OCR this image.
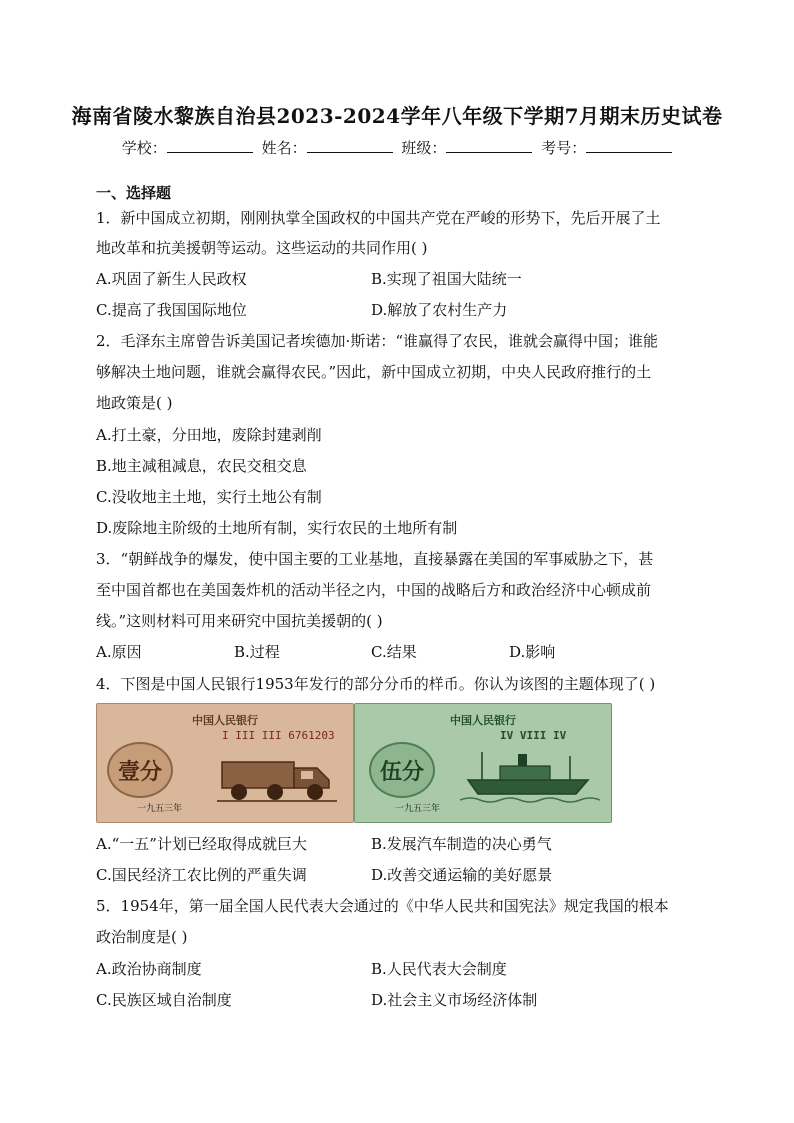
海南省陵水黎族自治县2023-2024学年八年级下学期7月期末历史试卷
学校：	姓名：	班级：	考号：
一、选择题
1．新中国成立初期，刚刚执掌全国政权的中国共产党在严峻的形势下，先后开展了土
地改革和抗美援朝等运动。这些运动的共同作用( )
A.巩固了新生人民政权	B.实现了祖国大陆统一
C.提高了我国国际地位	D.解放了农村生产力
2．毛泽东主席曾告诉美国记者埃德加·斯诺：“谁赢得了农民，谁就会赢得中国；谁能
够解决土地问题，谁就会赢得农民。”因此，新中国成立初期，中央人民政府推行的土
地政策是( )
A.打土豪，分田地，废除封建剥削
B.地主减租减息，农民交租交息
C.没收地主土地，实行土地公有制
D.废除地主阶级的土地所有制，实行农民的土地所有制
3．“朝鲜战争的爆发，使中国主要的工业基地，直接暴露在美国的军事威胁之下，甚
至中国首都也在美国轰炸机的活动半径之内，中国的战略后方和政治经济中心顿成前
线。”这则材料可用来研究中国抗美援朝的( )
A.原因	B.过程	C.结果	D.影响
4．下图是中国人民银行1953年发行的部分分币的样币。你认为该图的主题体现了( )
中国人民银行
I III III 6761203
壹分
一九五三年
中国人民银行
IV VIII IV
伍分
一九五三年
A.“一五”计划已经取得成就巨大	B.发展汽车制造的决心勇气
C.国民经济工农比例的严重失调	D.改善交通运输的美好愿景
5．1954年，第一届全国人民代表大会通过的《中华人民共和国宪法》规定我国的根本
政治制度是( )
A.政治协商制度	B.人民代表大会制度
C.民族区域自治制度	D.社会主义市场经济体制
